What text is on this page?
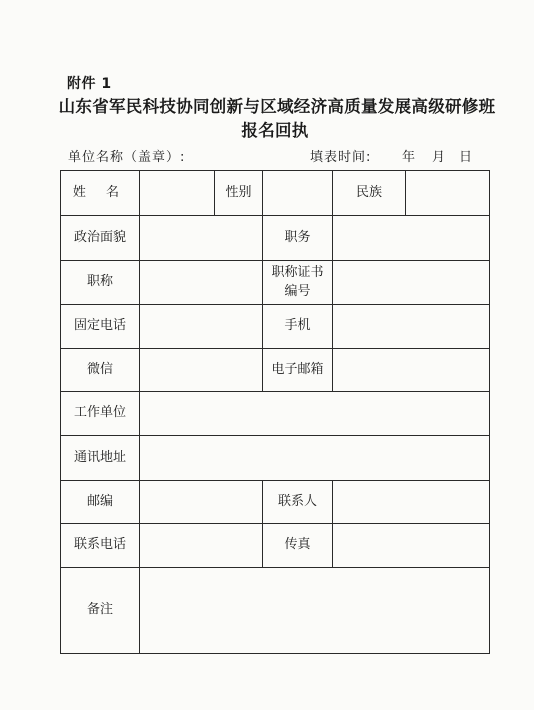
附件 1
山东省军民科技协同创新与区域经济高质量发展高级研修班
报名回执
单位名称（盖章）:	填表时间: 年 月 日
姓 名		性别		民族	
政治面貌			职务		
职称			职称证书
编号		

固定电话			手机		
微信			电子邮箱		
工作单位					
通讯地址					
邮编			联系人		
联系电话			传真		
备注					
